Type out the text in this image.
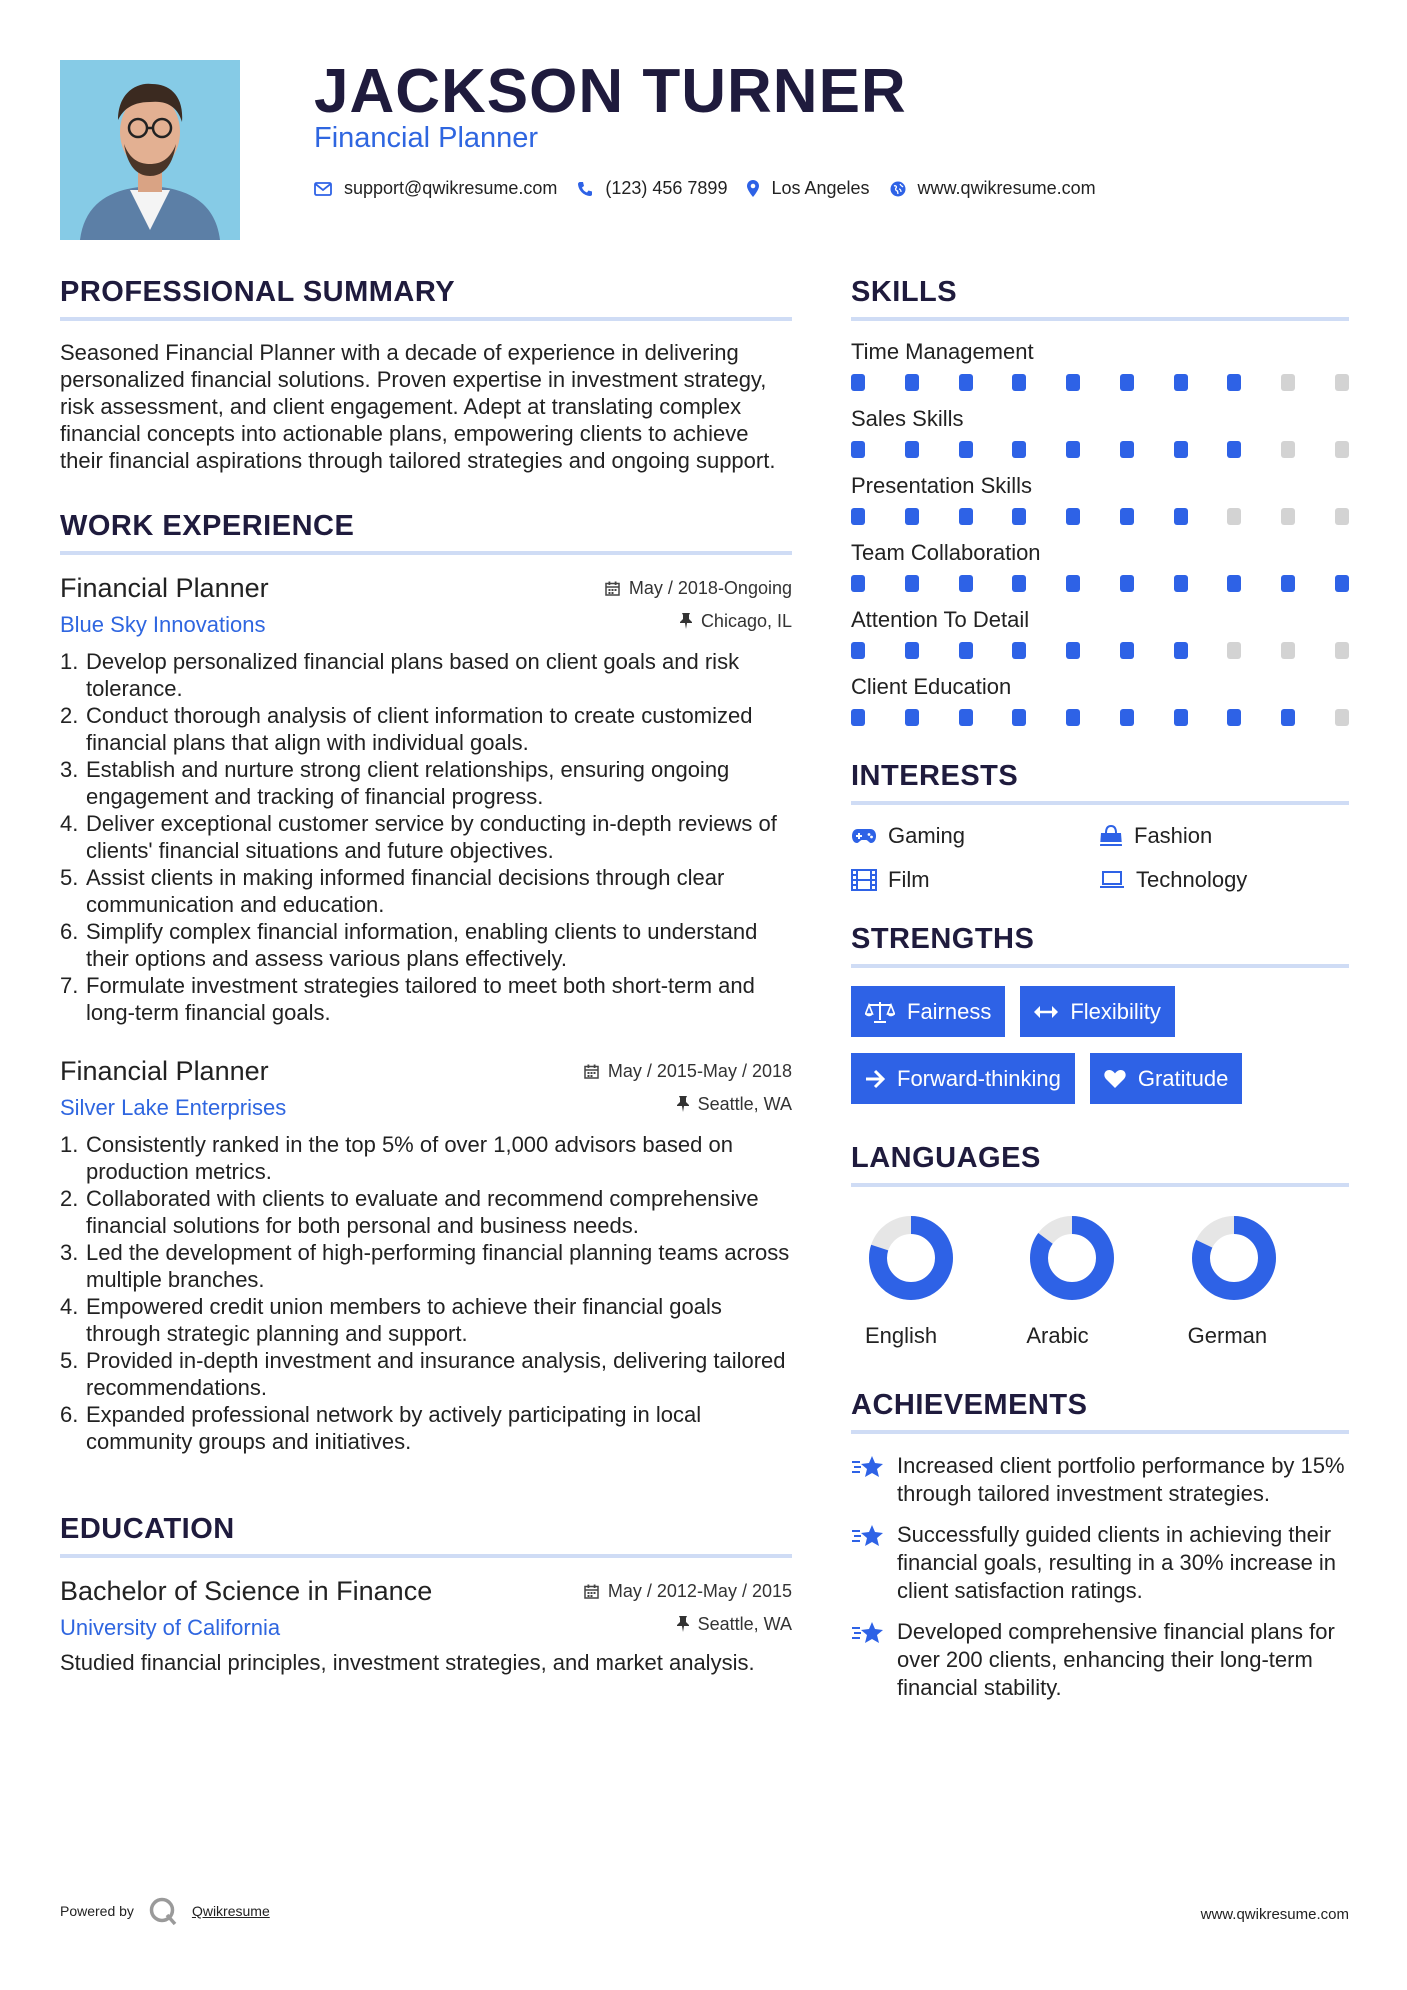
JACKSON TURNER
Financial Planner
support@qwikresume.com	(123) 456 7899 Los Angeles	www.qwikresume.com
PROFESSIONAL SUMMARY

Seasoned Financial Planner with a decade of experience in delivering personalized financial solutions. Proven expertise in investment strategy, risk assessment, and client engagement. Adept at translating complex financial concepts into actionable plans, empowering clients to achieve their financial aspirations through tailored strategies and ongoing support.

WORK EXPERIENCE
Financial Planner	May / 2018-Ongoing
Blue Sky Innovations	Chicago, IL
1. Develop personalized financial plans based on client goals and risk tolerance.
2. Conduct thorough analysis of client information to create customized financial plans that align with individual goals.
3. Establish and nurture strong client relationships, ensuring ongoing engagement and tracking of financial progress.
4. Deliver exceptional customer service by conducting in-depth reviews of clients' financial situations and future objectives.
5. Assist clients in making informed financial decisions through clear communication and education.
6. Simplify complex financial information, enabling clients to understand their options and assess various plans effectively.
7. Formulate investment strategies tailored to meet both short-term and long-term financial goals.
Financial Planner	May / 2015-May / 2018
Silver Lake Enterprises	Seattle, WA
1. Consistently ranked in the top 5% of over 1,000 advisors based on production metrics.
2. Collaborated with clients to evaluate and recommend comprehensive financial solutions for both personal and business needs.
3. Led the development of high-performing financial planning teams across multiple branches.
4. Empowered credit union members to achieve their financial goals through strategic planning and support.
5. Provided in-depth investment and insurance analysis, delivering tailored recommendations.
6. Expanded professional network by actively participating in local community groups and initiatives.
EDUCATION
Bachelor of Science in Finance	May / 2012-May / 2015
University of California	Seattle, WA

Studied financial principles, investment strategies, and market analysis.

SKILLS
Time Management
Sales Skills
Presentation Skills
Team Collaboration
Attention To Detail
Client Education
INTERESTS
Gaming	Fashion
Film	Technology
STRENGTHS
Fairness	Flexibility
Forward-thinking	Gratitude
LANGUAGES
English	Arabic	German
ACHIEVEMENTS
Increased client portfolio performance by 15% through tailored investment strategies.
Successfully guided clients in achieving their financial goals, resulting in a 30% increase in client satisfaction ratings.
Developed comprehensive financial plans for over 200 clients, enhancing their long-term financial stability.
Powered by	Qwikresume	www.qwikresume.com
